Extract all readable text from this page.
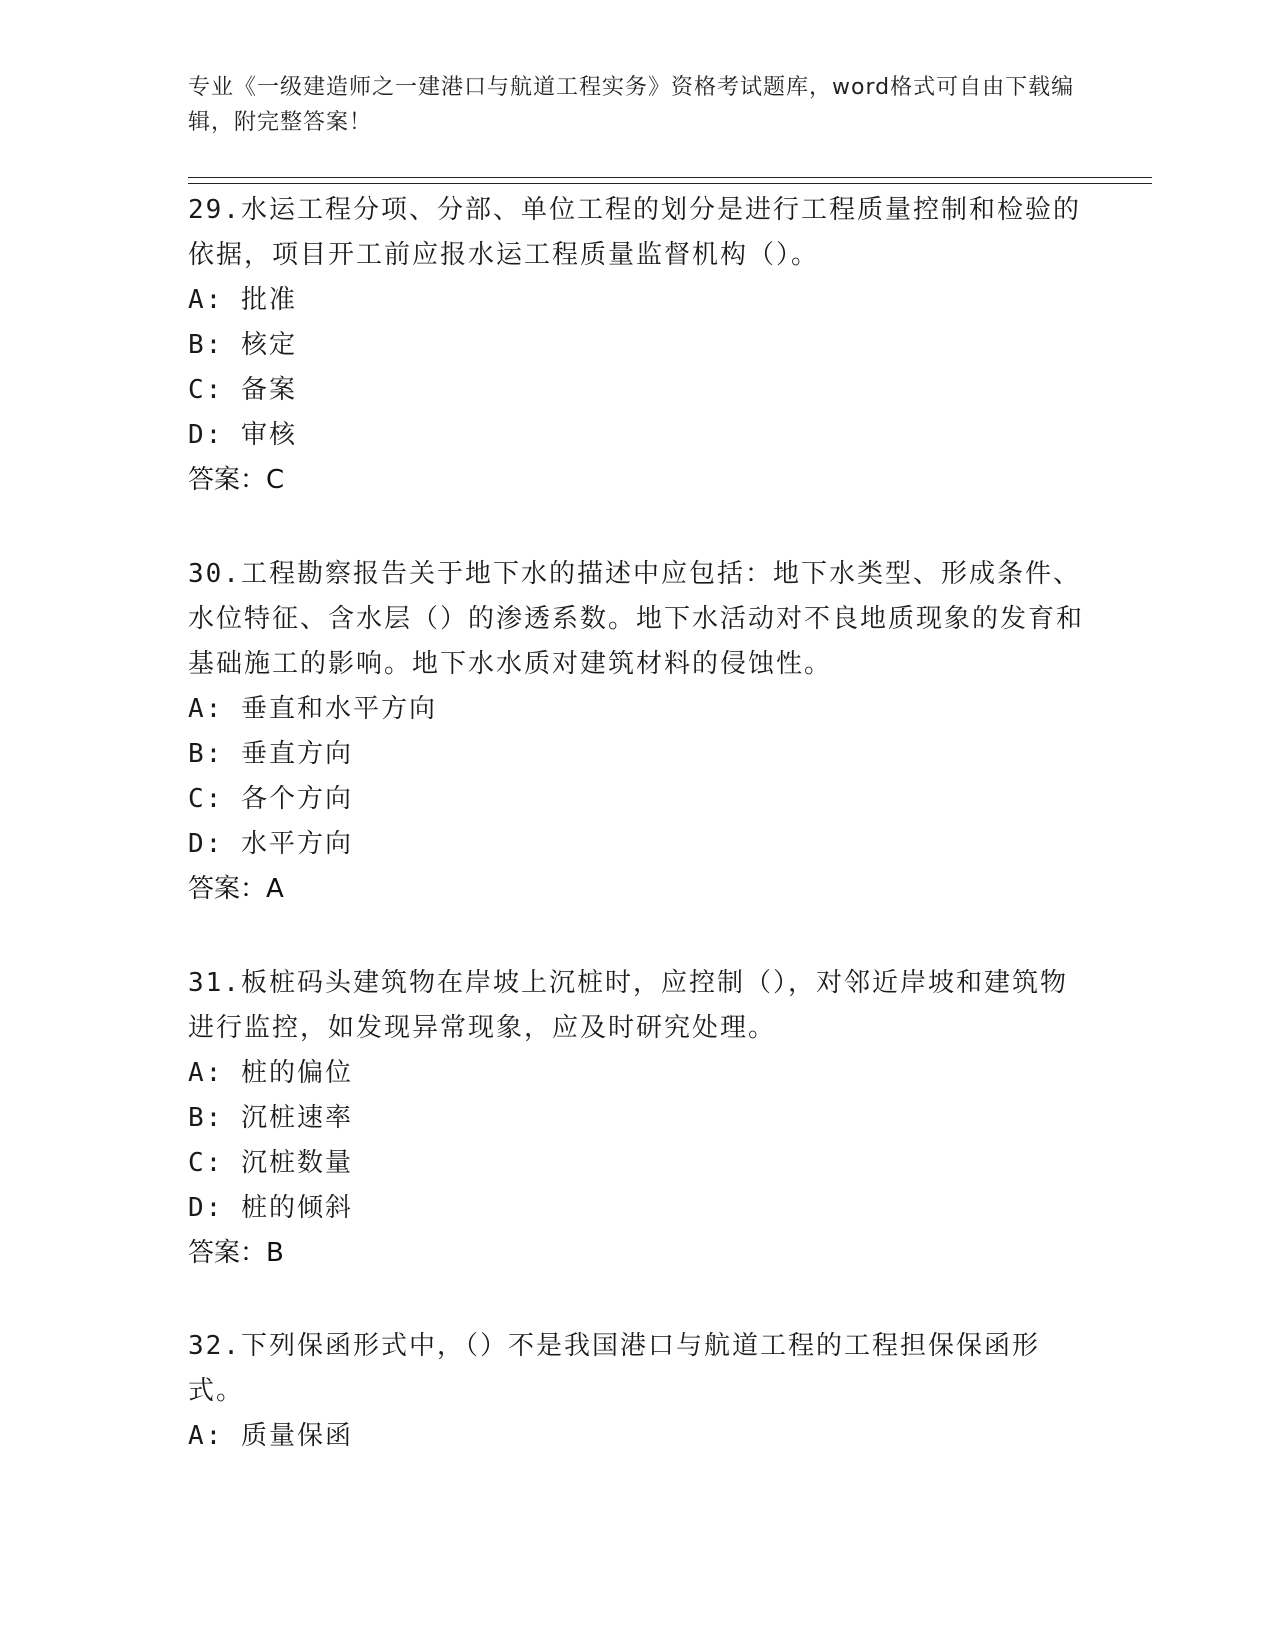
专业《一级建造师之一建港口与航道工程实务》资格考试题库，word格式可自由下载编辑，附完整答案！
29.水运工程分项、分部、单位工程的划分是进行工程质量控制和检验的依据，项目开工前应报水运工程质量监督机构（）。
A: 批准
B: 核定
C: 备案
D: 审核
答案：C
30.工程勘察报告关于地下水的描述中应包括：地下水类型、形成条件、水位特征、含水层（）的渗透系数。地下水活动对不良地质现象的发育和基础施工的影响。地下水水质对建筑材料的侵蚀性。
A: 垂直和水平方向
B: 垂直方向
C: 各个方向
D: 水平方向
答案：A
31.板桩码头建筑物在岸坡上沉桩时，应控制（），对邻近岸坡和建筑物进行监控，如发现异常现象，应及时研究处理。
A: 桩的偏位
B: 沉桩速率
C: 沉桩数量
D: 桩的倾斜
答案：B
32.下列保函形式中，（）不是我国港口与航道工程的工程担保保函形式。
A: 质量保函
